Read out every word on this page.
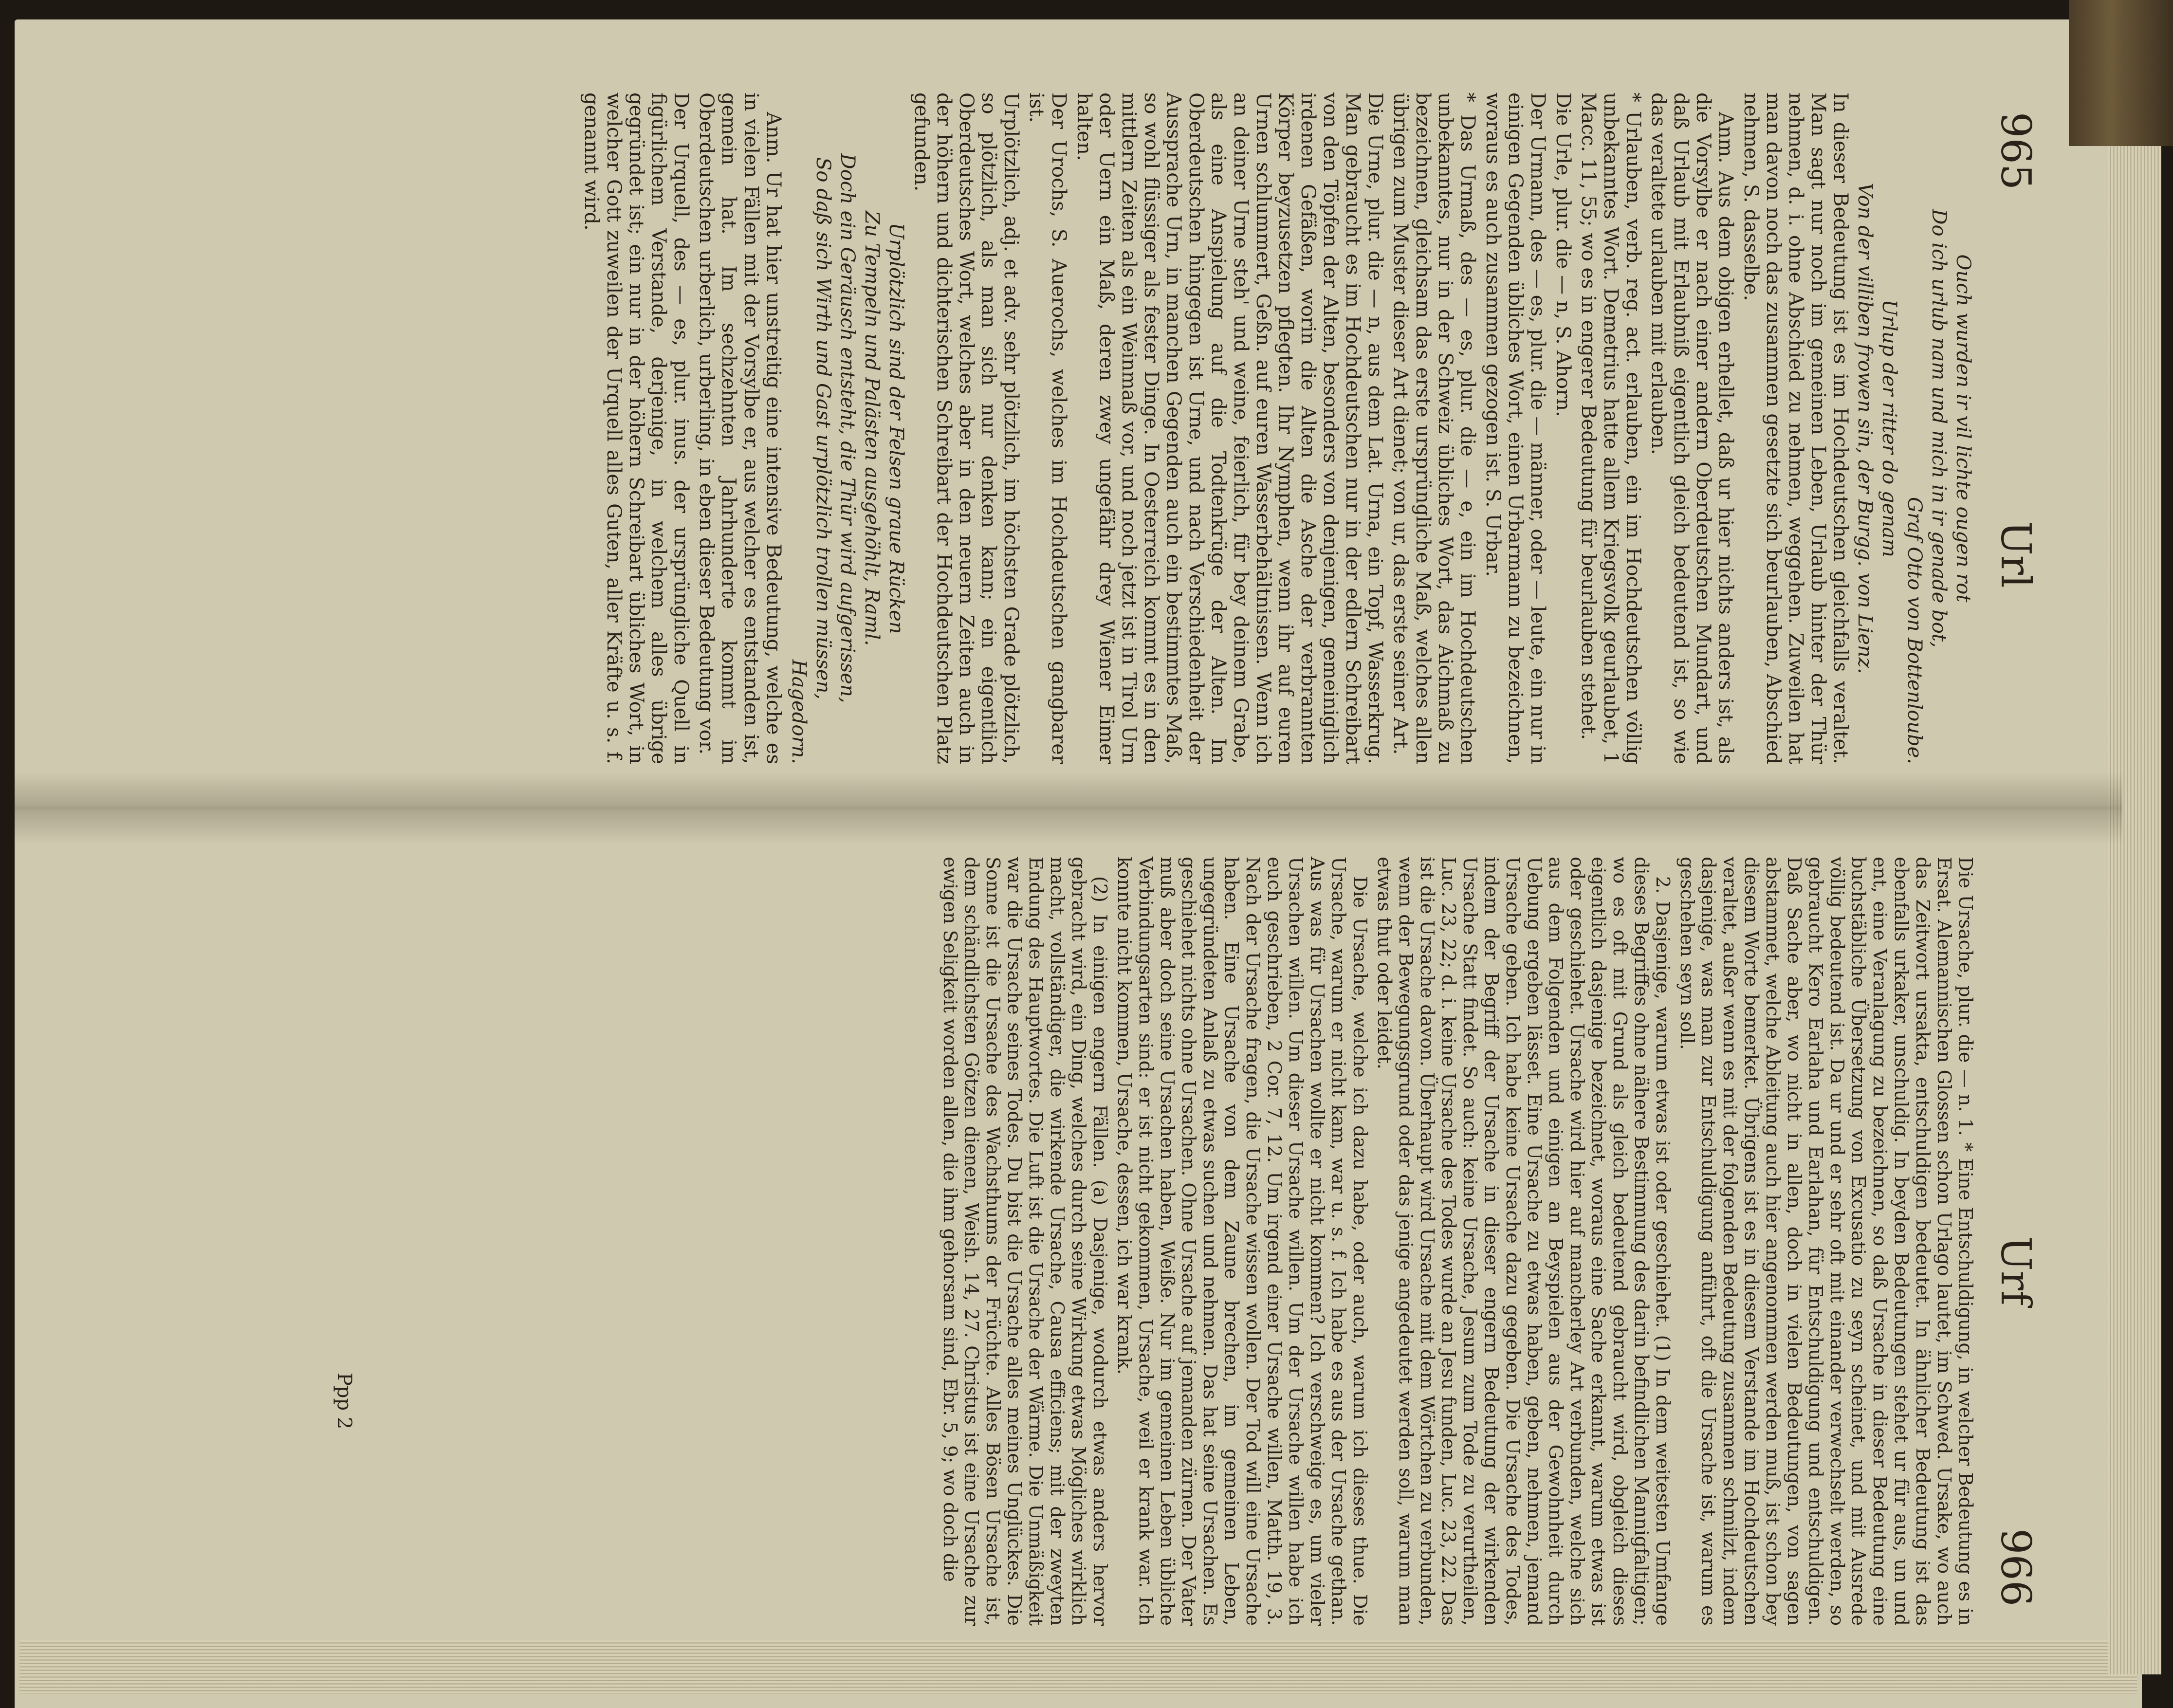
965
Url

Ouch wurden ir vil lichte ougen rot

Do ich urlub nam und mich in ir genade bot,

Graf Otto von Bottenloube.

Urlup der ritter do genam

Von der villiben frowen sin, der Burgg. von Lienz.

In dieser Bedeutung ist es im Hochdeutschen gleichfalls veraltet. Man sagt nur noch im gemeinen Leben, Urlaub hinter der Thür nehmen, d. i. ohne Abschied zu nehmen, weggehen. Zuweilen hat man davon noch das zusammen gesetzte sich beurlauben, Abschied nehmen, S. dasselbe.

Anm. Aus dem obigen erhellet, daß ur hier nichts anders ist, als die Vorsylbe er nach einer andern Oberdeutschen Mundart, und daß Urlaub mit Erlaubniß eigentlich gleich bedeutend ist, so wie das veraltete urlauben mit erlauben.

* Urlauben, verb. reg. act. erlauben, ein im Hochdeutschen völlig unbekanntes Wort. Demetrius hatte allem Kriegsvolk geurlaubet, 1 Macc. 11, 55; wo es in engerer Bedeutung für beurlauben stehet.

Die Urle, plur. die — n, S. Ahorn.

Der Urmann, des — es, plur. die — männer, oder — leute, ein nur in einigen Gegenden übliches Wort, einen Urbarmann zu bezeichnen, woraus es auch zusammen gezogen ist. S. Urbar.

* Das Urmaß, des — es, plur. die — e, ein im Hochdeutschen unbekanntes, nur in der Schweiz übliches Wort, das Aichmaß zu bezeichnen, gleichsam das erste ursprüngliche Maß, welches allen übrigen zum Muster dieser Art dienet; von ur, das erste seiner Art.

Die Urne, plur. die — n, aus dem Lat. Urna, ein Topf, Wasserkrug. Man gebraucht es im Hochdeutschen nur in der edlern Schreibart von den Töpfen der Alten, besonders von denjenigen, gemeiniglich irdenen Gefäßen, worin die Alten die Asche der verbrannten Körper beyzusetzen pflegten. Ihr Nymphen, wenn ihr auf euren Urnen schlummert, Geßn. auf euren Wasserbehältnissen. Wenn ich an deiner Urne steh' und weine, feierlich, für bey deinem Grabe, als eine Anspielung auf die Todtenkrüge der Alten. Im Oberdeutschen hingegen ist Urne, und nach Verschiedenheit der Aussprache Urn, in manchen Gegenden auch ein bestimmtes Maß, so wohl flüssiger als fester Dinge. In Oesterreich kommt es in den mittlern Zeiten als ein Weinmaß vor, und noch jetzt ist in Tirol Urn oder Uern ein Maß, deren zwey ungefähr drey Wiener Eimer halten.

Der Urochs, S. Auerochs, welches im Hochdeutschen gangbarer ist.

Urplötzlich, adj. et adv. sehr plötzlich, im höchsten Grade plötzlich, so plötzlich, als man sich nur denken kann; ein eigentlich Oberdeutsches Wort, welches aber in den neuern Zeiten auch in der höhern und dichterischen Schreibart der Hochdeutschen Platz gefunden.

Urplötzlich sind der Felsen graue Rücken

Zu Tempeln und Palästen ausgehöhlt, Raml.

Doch ein Geräusch entsteht, die Thür wird aufgerissen,

So daß sich Wirth und Gast urplötzlich trollen müssen,

Hagedorn.

Anm. Ur hat hier unstreitig eine intensive Bedeutung, welche es in vielen Fällen mit der Vorsylbe er, aus welcher es entstanden ist, gemein hat. Im sechzehnten Jahrhunderte kommt im Oberdeutschen urberlich, urberling, in eben dieser Bedeutung vor.

Der Urquell, des — es, plur. inus. der ursprüngliche Quell in figürlichem Verstande, derjenige, in welchem alles übrige gegründet ist; ein nur in der höhern Schreibart übliches Wort, in welcher Gott zuweilen der Urquell alles Guten, aller Kräfte u. s. f. genannt wird.

Urf
966

Die Ursache, plur. die — n. 1. * Eine Entschuldigung, in welcher Bedeutung es in Ersat. Alemannischen Glossen schon Urlago lautet, im Schwed. Ursake, wo auch das Zeitwort ursakta, entschuldigen bedeutet. In ähnlicher Bedeutung ist das ebenfalls urkaker, unschuldig. In beyden Bedeutungen stehet ur für aus, un und ent, eine Veranlagung zu bezeichnen, so daß Ursache in dieser Bedeutung eine buchstäbliche Übersetzung von Excusatio zu seyn scheinet, und mit Ausrede völlig bedeutend ist. Da ur und er sehr oft mit einander verwechselt werden, so gebraucht Kero Earlaha und Earlahan, für Entschuldigung und entschuldigen. Daß Sache aber, wo nicht in allen, doch in vielen Bedeutungen, von sagen abstammet, welche Ableitung auch hier angenommen werden muß, ist schon bey diesem Worte bemerket. Übrigens ist es in diesem Verstande im Hochdeutschen veraltet, außer wenn es mit der folgenden Bedeutung zusammen schmilzt, indem dasjenige, was man zur Entschuldigung anführt, oft die Ursache ist, warum es geschehen seyn soll.

2. Dasjenige, warum etwas ist oder geschiehet. (1) In dem weitesten Umfange dieses Begriffes ohne nähere Bestimmung des darin befindlichen Mannigfaltigen; wo es oft mit Grund als gleich bedeutend gebraucht wird, obgleich dieses eigentlich dasjenige bezeichnet, woraus eine Sache erkannt, warum etwas ist oder geschiehet. Ursache wird hier auf mancherley Art verbunden, welche sich aus dem Folgenden und einigen an Beyspielen aus der Gewohnheit durch Uebung ergeben lässet. Eine Ursache zu etwas haben, geben, nehmen, jemand Ursache geben. Ich habe keine Ursache dazu gegeben. Die Ursache des Todes, indem der Begriff der Ursache in dieser engern Bedeutung der wirkenden Ursache Statt findet. So auch: keine Ursache, Jesum zum Tode zu verurtheilen, Luc. 23, 22; d. i. keine Ursache des Todes wurde an Jesu funden, Luc. 23, 22. Das ist die Ursache davon. Überhaupt wird Ursache mit dem Wörtchen zu verbunden, wenn der Bewegungsgrund oder das jenige angedeutet werden soll, warum man etwas thut oder leidet.

Die Ursache, welche ich dazu habe, oder auch, warum ich dieses thue. Die Ursache, warum er nicht kam, war u. s. f. Ich habe es aus der Ursache gethan. Aus was für Ursachen wollte er nicht kommen? Ich verschweige es, um vieler Ursachen willen. Um dieser Ursache willen. Um der Ursache willen habe ich euch geschrieben, 2 Cor. 7, 12. Um irgend einer Ursache willen, Matth. 19, 3. Nach der Ursache fragen, die Ursache wissen wollen. Der Tod will eine Ursache haben. Eine Ursache von dem Zaune brechen, im gemeinen Leben, ungegründeten Anlaß zu etwas suchen und nehmen. Das hat seine Ursachen. Es geschiehet nichts ohne Ursachen. Ohne Ursache auf jemanden zürnen. Der Vater muß aber doch seine Ursachen haben, Weiße. Nur im gemeinen Leben übliche Verbindungsarten sind: er ist nicht gekommen, Ursache, weil er krank war. Ich konnte nicht kommen, Ursache, dessen, ich war krank.

(2) In einigen engern Fällen. (a) Dasjenige, wodurch etwas anders hervor gebracht wird, ein Ding, welches durch seine Wirkung etwas Mögliches wirklich macht, vollständiger, die wirkende Ursache, Causa efficiens; mit der zweyten Endung des Hauptwortes. Die Luft ist die Ursache der Wärme. Die Unmäßigkeit war die Ursache seines Todes. Du bist die Ursache alles meines Unglückes. Die Sonne ist die Ursache des Wachsthums der Früchte. Alles Bösen Ursache ist, dem schändlichsten Götzen dienen, Weish. 14, 27. Christus ist eine Ursache zur ewigen Seligkeit worden allen, die ihm gehorsam sind, Ebr. 5, 9; wo doch die

Ppp 2
